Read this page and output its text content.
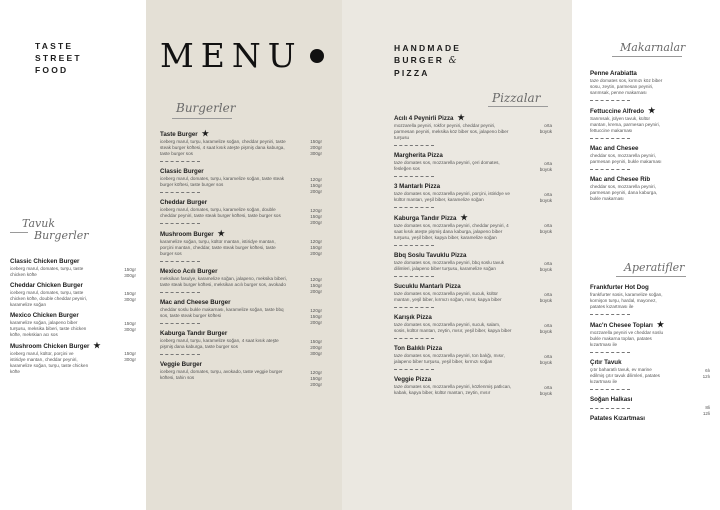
TASTE
STREET
FOOD
Tavuk
Burgerler
Classic Chicken Burger
iceberg marul, domates, turşu, taste chicken köfte
150gr
300gr
Cheddar Chicken Burger
iceberg marul, domates, turşu, taste chicken köfte, double cheddar peyniri, karamelize soğan
150gr
300gr
Mexico Chicken Burger
karamelize soğan, jalapeno biber turşusu, meksika biberi, taste chicken köfte, mekskian acı sos
150gr
300gr
Mushroom Chicken Burger ★
iceberg marul, kültür, porçini ve istiridye mantarı, cheddar peyniri, karamelize soğan, turşu, taste chicken köfte
150gr
300gr
MENU
Burgerler
Taste Burger ★
iceberg marul, turşu, karamelize soğan, cheddar peyniri, taste steak burger köftesi, 4 saat kısık ateşte pişmiş dana kaburga, taste burger sos
150gr
200gr
300gr
Classic Burger
iceberg marul, domates, turşu, karamelize soğan, taste steak burger köftesi, taste burger sos
120gr
150gr
200gr
Cheddar Burger
iceberg marul, domates, turşu, karamelize soğan, double cheddar peyniri, taste steak burger köftesi, taste burger sos
120gr
150gr
200gr
Mushroom Burger ★
karamelize soğan, turşu, kültür mantarı, istiridye mantarı, porçini mantarı, cheddar, taste steak burger köftesi, taste burger sos
120gr
150gr
200gr
Mexico Acılı Burger
meksikan fasulye, karamelize soğan, jalapeno, meksika biberi, taste steak burger köftesi, meksikan acılı burger sos, avokado
120gr
150gr
200gr
Mac and Cheese Burger
cheddar soslu bukle makarnası, karamelize soğan, taste bbq sos, taste steak burger köftesi
120gr
150gr
200gr
Kaburga Tandır Burger
iceberg marul, turşu, karamelize soğan, 4 saat kısık ateşte pişmiş dana kaburga, taste burger sos
150gr
200gr
300gr
Veggie Burger
iceberg marul, domates, turşu, avokado, taste veggie burger köftesi, tahin sos
120gr
150gr
200gr
HANDMADE
BURGER &
PIZZA
Pizzalar
Acılı 4 Peynirli Pizza ★
mozzarella peyniri, rokfor peyniri, cheddar peyniri, parmesan peyniri, meksika köz biber sos, jalapeno biber turşusu
orta
büyük
Margherita Pizza
taze domates sos, mozzarella peyniri, çeri domates, fesleğen sos
orta
büyük
3 Mantarlı Pizza
taze domates sos, mozzarella peyniri, porçini, istiridye ve kültür mantarı, yeşil biber, karamelize soğan
orta
büyük
Kaburga Tandır Pizza ★
taze domates sos, mozzarella peyniri, cheddar peyniri, 4 saat kısık ateşte pişmiş dana kaburga, jalapeno biber turşusu, yeşil biber, kapya biber, karamelize soğan
orta
büyük
Bbq Soslu Tavuklu Pizza
taze domates sos, mozzarella peyniri, bbq soslu tavuk dilimleri, jalapeno biber turşusu, karamelize soğan
orta
büyük
Sucuklu Mantarlı Pizza
taze domates sos, mozzarella peyniri, sucuk, kültür mantarı, yeşil biber, kırmızı soğan, mısır, kapya biber
orta
büyük
Karışık Pizza
taze domates sos, mozzarella peyniri, sucuk, salam, sosis, kültür mantarı, zeytin, mısır, yeşil biber, kapya biber
orta
büyük
Ton Balıklı Pizza
taze domates sos, mozzarella peyniri, ton balığı, mısır, jalapeno biber turşusu, yeşil biber, kırmızı soğan
orta
büyük
Veggie Pizza
taze domates sos, mozzarella peyniri, közlenmiş patlıcan, kabak, kapya biber, kültür mantarı, zeytin, mısır
orta
büyük
Makarnalar
Penne Arabiatta
taze domates sos, kırmızı köz biber sosu, zeytin, parmesan peyniri, sarımsak, penne makarnası
Fettuccine Alfredo ★
Sarımsak, jülyen tavuk, kültür mantarı, krema, parmesan peyniri, fettuccine makarnası
Mac and Chesee
cheddar sos, mozzarella peyniri, parmesan peyniri, bukle makarnası
Mac and Chesee Rib
cheddar sos, mozzarella peyniri, parmesan peyniri, dana kaburga, bukle makarnası
Aperatifler
Frankfurter Hot Dog
frankfurter sosis, karamelize soğan, kornişon turşu, hardal, mayonez, patates kızartması ile
Mac'n Chesee Topları ★
mozzarella peyniri ve cheddar soslu bukle makarna topları, patates kızartması ile
Çıtır Tavuk
çıtır baharatlı tavuk, ev marine edilmiş çıtır tavuk dilimleri, patates kızartması ile
6lı
12lı
Soğan Halkası
8li
12li
Patates Kızartması
